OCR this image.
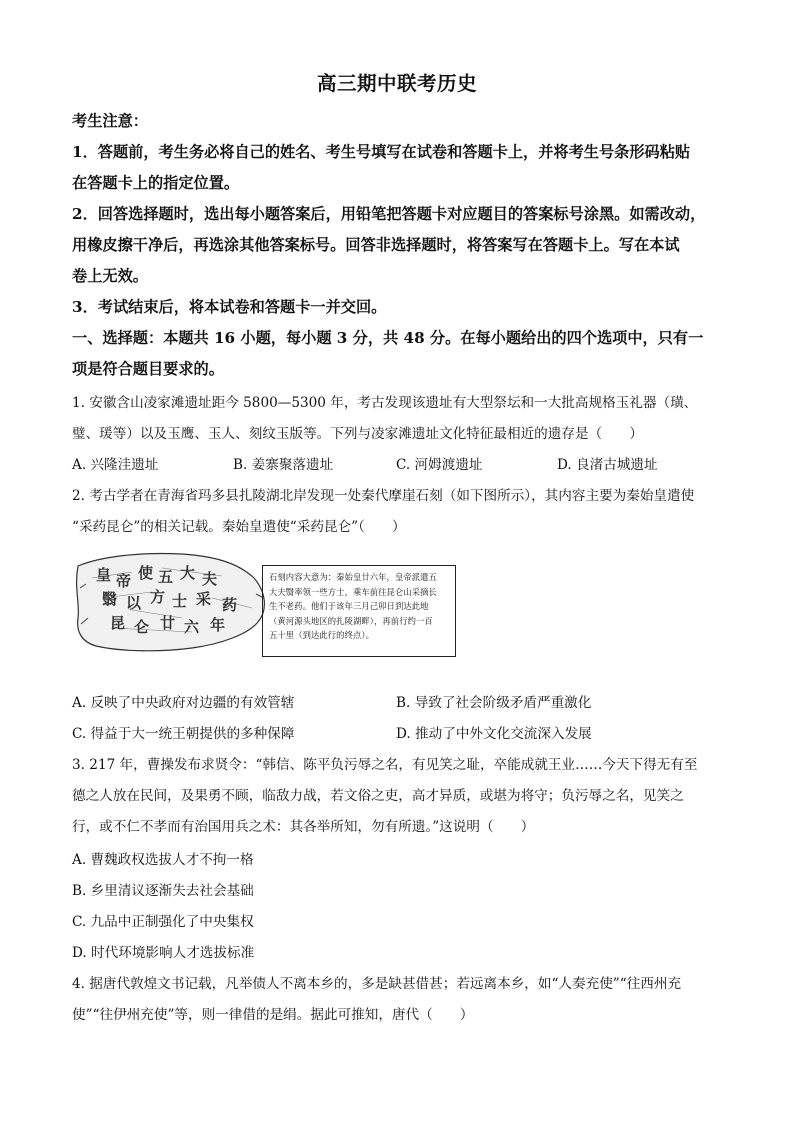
高三期中联考历史
考生注意：
1．答题前，考生务必将自己的姓名、考生号填写在试卷和答题卡上，并将考生号条形码粘贴
在答题卡上的指定位置。
2．回答选择题时，选出每小题答案后，用铅笔把答题卡对应题目的答案标号涂黑。如需改动，
用橡皮擦干净后，再选涂其他答案标号。回答非选择题时，将答案写在答题卡上。写在本试
卷上无效。
3．考试结束后，将本试卷和答题卡一并交回。
一、选择题：本题共 16 小题，每小题 3 分，共 48 分。在每小题给出的四个选项中，只有一
项是符合题目要求的。
1. 安徽含山凌家滩遗址距今 5800—5300 年，考古发现该遗址有大型祭坛和一大批高规格玉礼器（璜、
璧、瑗等）以及玉鹰、玉人、刻纹玉版等。下列与凌家滩遗址文化特征最相近的遗存是（　　）
A. 兴隆洼遗址	B. 姜寨聚落遗址	C. 河姆渡遗址	D. 良渚古城遗址
2. 考古学者在青海省玛多县扎陵湖北岸发现一处秦代摩崖石刻（如下图所示），其内容主要为秦始皇遣使
“采药昆仑”的相关记载。秦始皇遣使“采药昆仑”（　　）
皇 帝 使 五 大 夫
翳 以 方 士 采 药
昆 仑 廿 六 年
石刻内容大意为：秦始皇廿六年，皇帝派遣五
大夫翳率领一些方士，乘车前往昆仑山采摘长
生不老药。他们于该年三月己卯日到达此地
（黄河源头地区的扎陵湖畔），再前行约一百
五十里（到达此行的终点）。
A. 反映了中央政府对边疆的有效管辖	B. 导致了社会阶级矛盾严重激化
C. 得益于大一统王朝提供的多种保障	D. 推动了中外文化交流深入发展
3. 217 年，曹操发布求贤令：“韩信、陈平负污辱之名，有见笑之耻，卒能成就王业……今天下得无有至
德之人放在民间，及果勇不顾，临敌力战，若文俗之吏，高才异质，或堪为将守；负污辱之名，见笑之
行，或不仁不孝而有治国用兵之术：其各举所知，勿有所遗。”这说明（　　）
A. 曹魏政权选拔人才不拘一格
B. 乡里清议逐渐失去社会基础
C. 九品中正制强化了中央集权
D. 时代环境影响人才选拔标准
4. 据唐代敦煌文书记载，凡举债人不离本乡的，多是缺甚借甚；若远离本乡，如“人奏充使”“往西州充
使”“往伊州充使”等，则一律借的是绢。据此可推知，唐代（　　）
